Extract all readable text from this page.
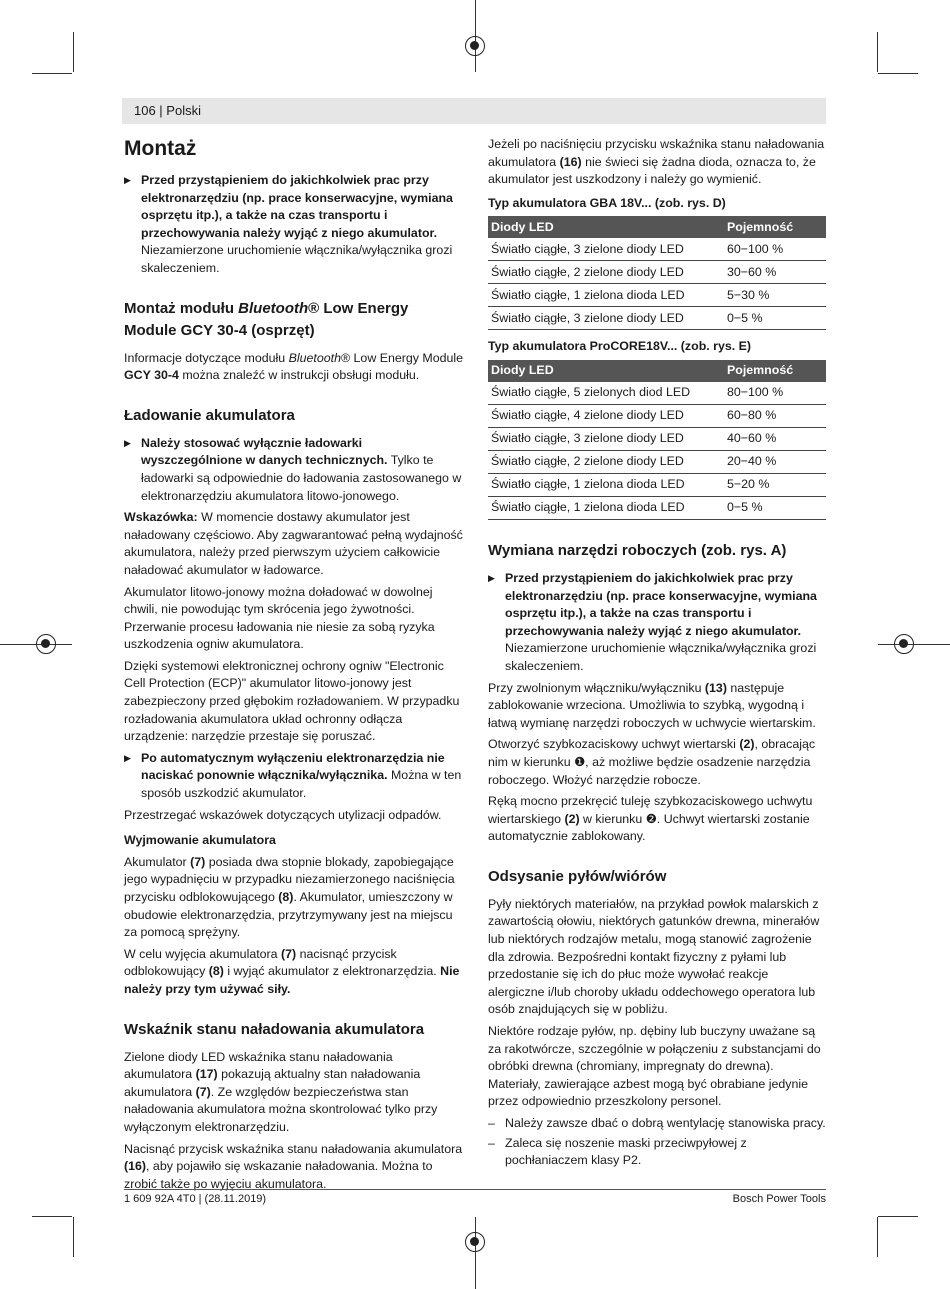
106 | Polski
Montaż
▶ Przed przystąpieniem do jakichkolwiek prac przy elektronarzędziu (np. prace konserwacyjne, wymiana osprzętu itp.), a także na czas transportu i przechowywania należy wyjąć z niego akumulator. Niezamierzone uruchomienie włącznika/wyłącznika grozi skaleczeniem.
Montaż modułu Bluetooth® Low Energy Module GCY 30-4 (osprzęt)

Informacje dotyczące modułu Bluetooth® Low Energy Module GCY 30-4 można znaleźć w instrukcji obsługi modułu.

Ładowanie akumulatora
▶ Należy stosować wyłącznie ładowarki wyszczególnione w danych technicznych. Tylko te ładowarki są odpowiednie do ładowania zastosowanego w elektronarzędziu akumulatora litowo-jonowego.

Wskazówka: W momencie dostawy akumulator jest naładowany częściowo. Aby zagwarantować pełną wydajność akumulatora, należy przed pierwszym użyciem całkowicie naładować akumulator w ładowarce.

Akumulator litowo-jonowy można doładować w dowolnej chwili, nie powodując tym skrócenia jego żywotności. Przerwanie procesu ładowania nie niesie za sobą ryzyka uszkodzenia ogniw akumulatora.

Dzięki systemowi elektronicznej ochrony ogniw "Electronic Cell Protection (ECP)" akumulator litowo-jonowy jest zabezpieczony przed głębokim rozładowaniem. W przypadku rozładowania akumulatora układ ochronny odłącza urządzenie: narzędzie przestaje się poruszać.

▶ Po automatycznym wyłączeniu elektronarzędzia nie naciskać ponownie włącznika/wyłącznika. Można w ten sposób uszkodzić akumulator.

Przestrzegać wskazówek dotyczących utylizacji odpadów.

Wyjmowanie akumulatora

Akumulator (7) posiada dwa stopnie blokady, zapobiegające jego wypadnięciu w przypadku niezamierzonego naciśnięcia przycisku odblokowującego (8). Akumulator, umieszczony w obudowie elektronarzędzia, przytrzymywany jest na miejscu za pomocą sprężyny.

W celu wyjęcia akumulatora (7) nacisnąć przycisk odblokowujący (8) i wyjąć akumulator z elektronarzędzia. Nie należy przy tym używać siły.

Wskaźnik stanu naładowania akumulatora

Zielone diody LED wskaźnika stanu naładowania akumulatora (17) pokazują aktualny stan naładowania akumulatora (7). Ze względów bezpieczeństwa stan naładowania akumulatora można skontrolować tylko przy wyłączonym elektronarzędziu.

Nacisnąć przycisk wskaźnika stanu naładowania akumulatora (16), aby pojawiło się wskazanie naładowania. Można to zrobić także po wyjęciu akumulatora.

Jeżeli po naciśnięciu przycisku wskaźnika stanu naładowania akumulatora (16) nie świeci się żadna dioda, oznacza to, że akumulator jest uszkodzony i należy go wymienić.

Typ akumulatora GBA 18V... (zob. rys. D)

Diody LED	Pojemność
Światło ciągłe, 3 zielone diody LED	60−100 %
Światło ciągłe, 2 zielone diody LED	30−60 %
Światło ciągłe, 1 zielona dioda LED	5−30 %
Światło ciągłe, 3 zielone diody LED	0−5 %

Typ akumulatora ProCORE18V... (zob. rys. E)

Diody LED	Pojemność
Światło ciągłe, 5 zielonych diod LED	80−100 %
Światło ciągłe, 4 zielone diody LED	60−80 %
Światło ciągłe, 3 zielone diody LED	40−60 %
Światło ciągłe, 2 zielone diody LED	20−40 %
Światło ciągłe, 1 zielona dioda LED	5−20 %
Światło ciągłe, 1 zielona dioda LED	0−5 %
Wymiana narzędzi roboczych (zob. rys. A)
▶ Przed przystąpieniem do jakichkolwiek prac przy elektronarzędziu (np. prace konserwacyjne, wymiana osprzętu itp.), a także na czas transportu i przechowywania należy wyjąć z niego akumulator. Niezamierzone uruchomienie włącznika/wyłącznika grozi skaleczeniem.

Przy zwolnionym włączniku/wyłączniku (13) następuje zablokowanie wrzeciona. Umożliwia to szybką, wygodną i łatwą wymianę narzędzi roboczych w uchwycie wiertarskim.

Otworzyć szybkozaciskowy uchwyt wiertarski (2), obracając nim w kierunku ❶, aż możliwe będzie osadzenie narzędzia roboczego. Włożyć narzędzie robocze.

Ręką mocno przekręcić tuleję szybkozaciskowego uchwytu wiertarskiego (2) w kierunku ❷. Uchwyt wiertarski zostanie automatycznie zablokowany.

Odsysanie pyłów/wiórów

Pyły niektórych materiałów, na przykład powłok malarskich z zawartością ołowiu, niektórych gatunków drewna, minerałów lub niektórych rodzajów metalu, mogą stanowić zagrożenie dla zdrowia. Bezpośredni kontakt fizyczny z pyłami lub przedostanie się ich do płuc może wywołać reakcje alergiczne i/lub choroby układu oddechowego operatora lub osób znajdujących się w pobliżu.

Niektóre rodzaje pyłów, np. dębiny lub buczyny uważane są za rakotwórcze, szczególnie w połączeniu z substancjami do obróbki drewna (chromiany, impregnaty do drewna). Materiały, zawierające azbest mogą być obrabiane jedynie przez odpowiednio przeszkolony personel.

– Należy zawsze dbać o dobrą wentylację stanowiska pracy.
– Zaleca się noszenie maski przeciwpyłowej z pochłaniaczem klasy P2.
1 609 92A 4T0 | (28.11.2019)	Bosch Power Tools
